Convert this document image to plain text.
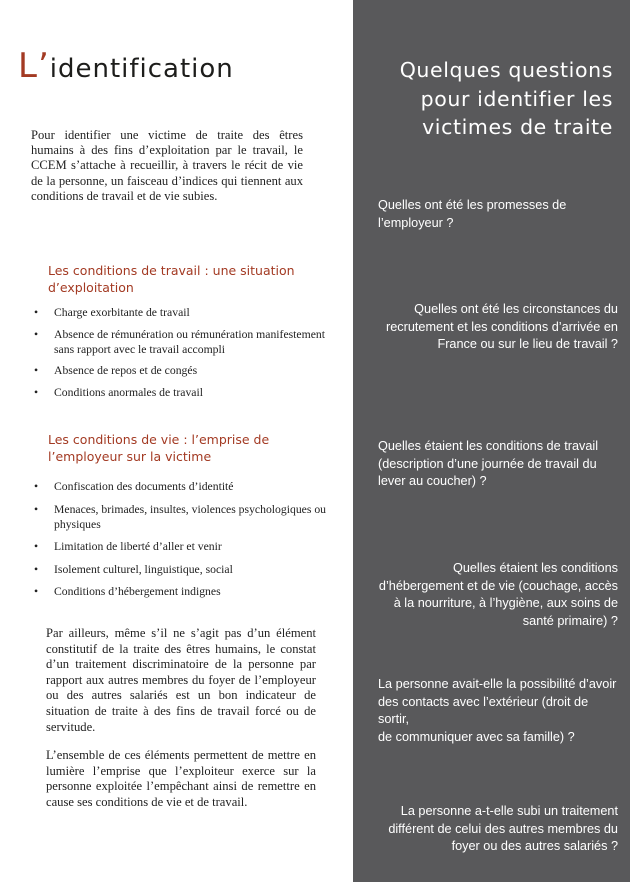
L’identification

Pour identifier une victime de traite des êtres humains à des fins d’exploitation par le travail, le CCEM s’attache à recueillir, à travers le récit de vie de la personne, un faisceau d’indices qui tiennent aux conditions de travail et de vie subies.

Les conditions de travail : une situation d’exploitation

• Charge exorbitante de travail
• Absence de rémunération ou rémunération manifestement sans rapport avec le travail accompli
• Absence de repos et de congés
• Conditions anormales de travail

Les conditions de vie : l’emprise de
l’employeur sur la victime

• Confiscation des documents d’identité
• Menaces, brimades, insultes, violences psychologiques ou physiques
• Limitation de liberté d’aller et venir
• Isolement culturel, linguistique, social
• Conditions d’hébergement indignes

Par ailleurs, même s’il ne s’agit pas d’un élément constitutif de la traite des êtres humains, le constat d’un traitement discriminatoire de la personne par rapport aux autres membres du foyer de l’employeur ou des autres salariés est un bon indicateur de situation de traite à des fins de travail forcé ou de servitude.

L’ensemble de ces éléments permettent de mettre en lumière l’emprise que l’exploiteur exerce sur la personne exploitée l’empêchant ainsi de remettre en cause ses conditions de vie et de travail.

Quelques questions pour identifier les victimes de traite

Quelles ont été les promesses de l’employeur ?

Quelles ont été les circonstances du recrutement et les conditions d’arrivée en France ou sur le lieu de travail ?

Quelles étaient les conditions de travail (description d’une journée de travail du lever au coucher) ?

Quelles étaient les conditions d’hébergement et de vie (couchage, accès à la nourriture, à l’hygiène, aux soins de santé primaire) ?

La personne avait-elle la possibilité d’avoir des contacts avec l’extérieur (droit de sortir,
de communiquer avec sa famille) ?

La personne a-t-elle subi un traitement différent de celui des autres membres du foyer ou des autres salariés ?
